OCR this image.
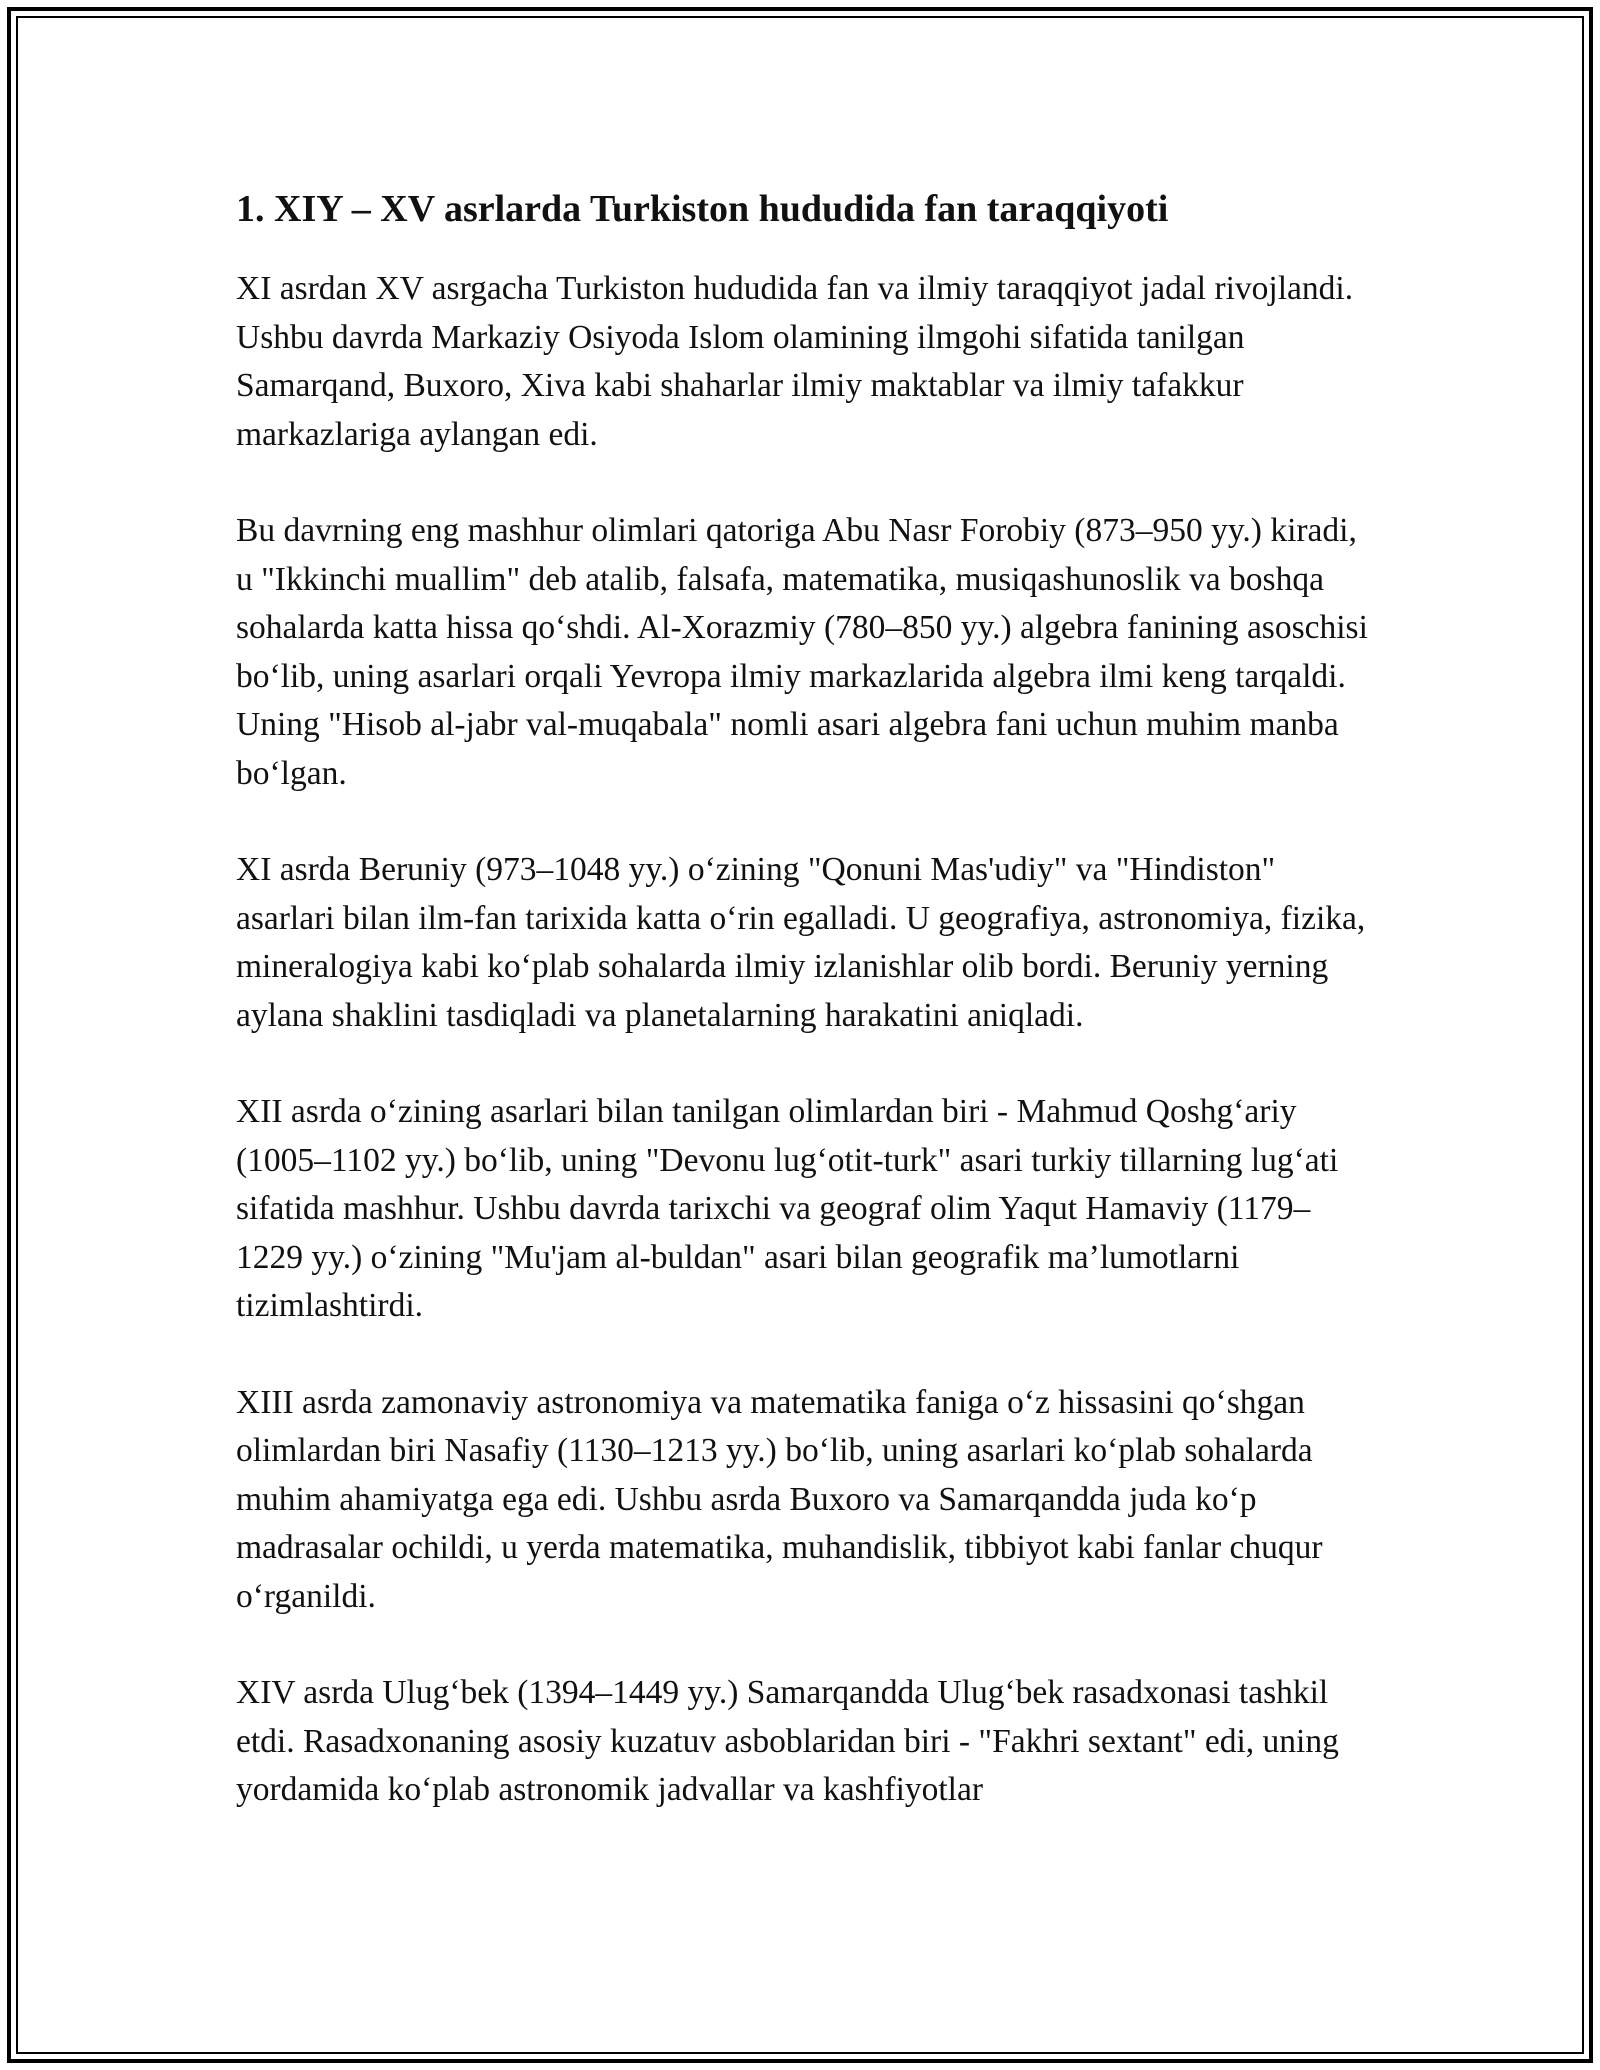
1. XIY – XV asrlarda Turkiston hududida fan taraqqiyoti

XI asrdan XV asrgacha Turkiston hududida fan va ilmiy taraqqiyot jadal rivojlandi. Ushbu davrda Markaziy Osiyoda Islom olamining ilmgohi sifatida tanilgan Samarqand, Buxoro, Xiva kabi shaharlar ilmiy maktablar va ilmiy tafakkur markazlariga aylangan edi.

Bu davrning eng mashhur olimlari qatoriga Abu Nasr Forobiy (873–950 yy.) kiradi, u "Ikkinchi muallim" deb atalib, falsafa, matematika, musiqashunoslik va boshqa sohalarda katta hissa qo‘shdi. Al-Xorazmiy (780–850 yy.) algebra fanining asoschisi bo‘lib, uning asarlari orqali Yevropa ilmiy markazlarida algebra ilmi keng tarqaldi. Uning "Hisob al-jabr val-muqabala" nomli asari algebra fani uchun muhim manba bo‘lgan.

XI asrda Beruniy (973–1048 yy.) o‘zining "Qonuni Mas'udiy" va "Hindiston" asarlari bilan ilm-fan tarixida katta o‘rin egalladi. U geografiya, astronomiya, fizika, mineralogiya kabi ko‘plab sohalarda ilmiy izlanishlar olib bordi. Beruniy yerning aylana shaklini tasdiqladi va planetalarning harakatini aniqladi.

XII asrda o‘zining asarlari bilan tanilgan olimlardan biri - Mahmud Qoshg‘ariy (1005–1102 yy.) bo‘lib, uning "Devonu lug‘otit-turk" asari turkiy tillarning lug‘ati sifatida mashhur. Ushbu davrda tarixchi va geograf olim Yaqut Hamaviy (1179–1229 yy.) o‘zining "Mu'jam al-buldan" asari bilan geografik ma’lumotlarni tizimlashtirdi.

XIII asrda zamonaviy astronomiya va matematika faniga o‘z hissasini qo‘shgan olimlardan biri Nasafiy (1130–1213 yy.) bo‘lib, uning asarlari ko‘plab sohalarda muhim ahamiyatga ega edi. Ushbu asrda Buxoro va Samarqandda juda ko‘p madrasalar ochildi, u yerda matematika, muhandislik, tibbiyot kabi fanlar chuqur o‘rganildi.

XIV asrda Ulug‘bek (1394–1449 yy.) Samarqandda Ulug‘bek rasadxonasi tashkil etdi. Rasadxonaning asosiy kuzatuv asboblaridan biri - "Fakhri sextant" edi, uning yordamida ko‘plab astronomik jadvallar va kashfiyotlar
